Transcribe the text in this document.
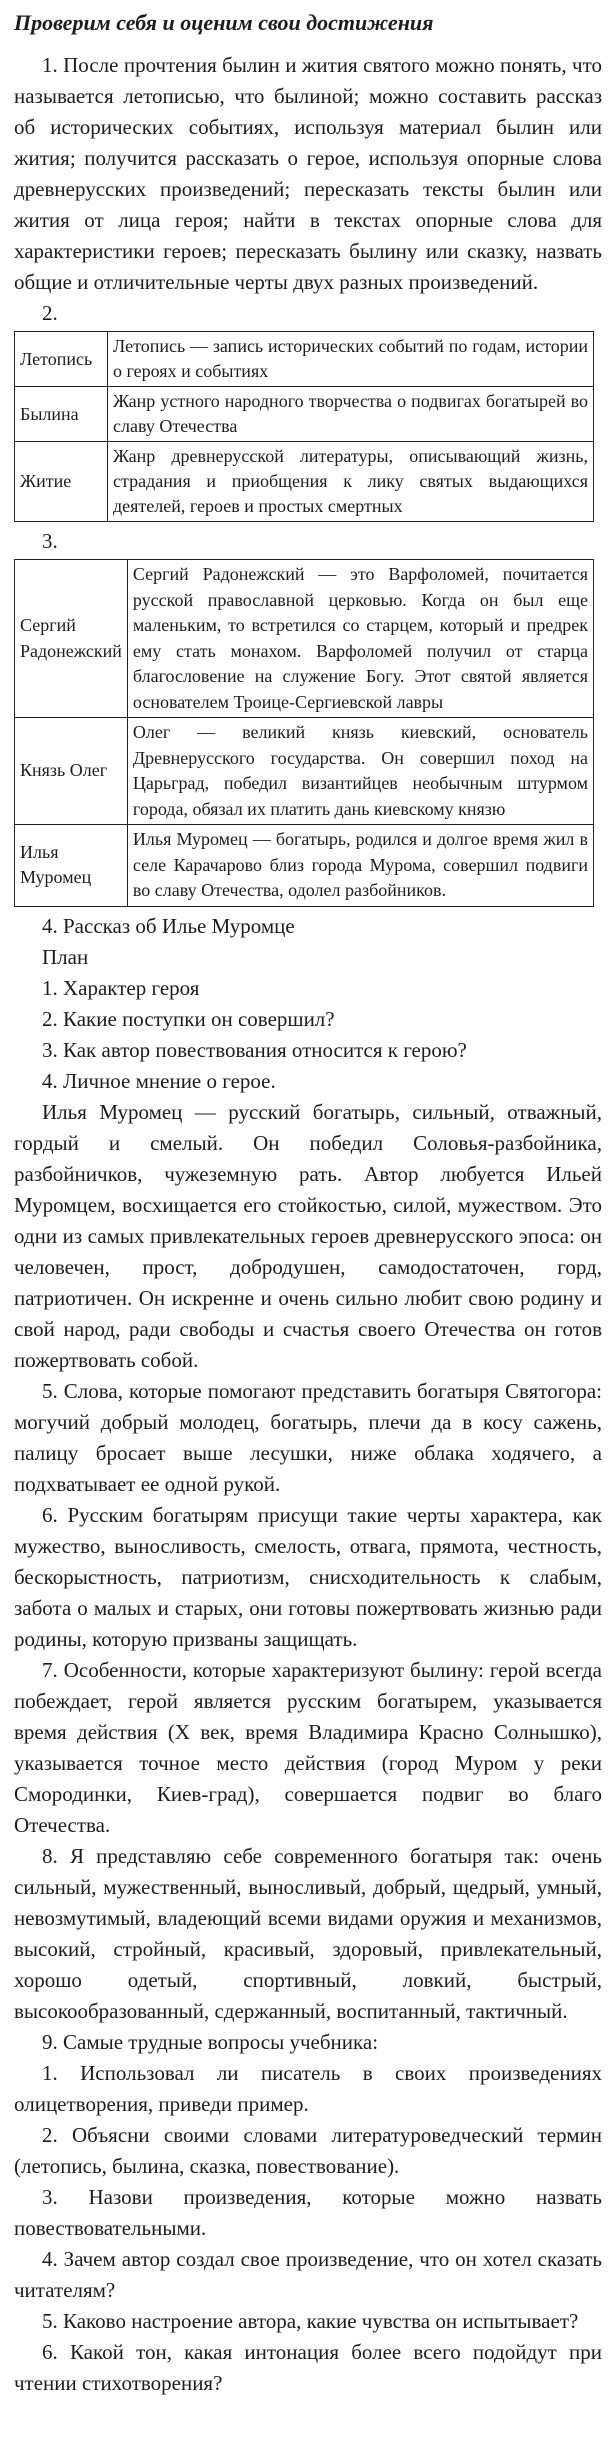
Проверим себя и оценим свои достижения

1. После прочтения былин и жития святого можно понять, что называется летописью, что былиной; можно составить рассказ об исторических событиях, используя материал былин или жития; получится рассказать о герое, используя опорные слова древнерусских произведений; пересказать тексты былин или жития от лица героя; найти в текстах опорные слова для характеристики героев; пересказать былину или сказку, назвать общие и отличительные черты двух разных произведений.

2.
Летопись	Летопись — запись исторических событий по годам, истории о героях и событиях
Былина	Жанр устного народного творчества о подвигах богатырей во славу Отечества
Житие	Жанр древнерусской литературы, описывающий жизнь, страдания и приобщения к лику святых выдающихся деятелей, героев и простых смертных
3.
Сергий Радонежский	Сергий Радонежский — это Варфоломей, почитается русской православной церковью. Когда он был еще маленьким, то встретился со старцем, который и предрек ему стать монахом. Варфоломей получил от старца благословение на служение Богу. Этот святой является основателем Троице-Сергиевской лавры
Князь Олег	Олег — великий князь киевский, основатель Древнерусского государства. Он совершил поход на Царьград, победил византийцев необычным штурмом города, обязал их платить дань киевскому князю
Илья Муромец	Илья Муромец — богатырь, родился и долгое время жил в селе Карачарово близ города Мурома, совершил подвиги во славу Отечества, одолел разбойников.
4. Рассказ об Илье Муромце
План
1. Характер героя
2. Какие поступки он совершил?
3. Как автор повествования относится к герою?
4. Личное мнение о герое.

Илья Муромец — русский богатырь, сильный, отважный, гордый и смелый. Он победил Соловья-разбойника, разбойничков, чужеземную рать. Автор любуется Ильей Муромцем, восхищается его стойкостью, силой, мужеством. Это одни из самых привлекательных героев древнерусского эпоса: он человечен, прост, добродушен, самодостаточен, горд, патриотичен. Он искренне и очень сильно любит свою родину и свой народ, ради свободы и счастья своего Отечества он готов пожертвовать собой.

5. Слова, которые помогают представить богатыря Святогора: могучий добрый молодец, богатырь, плечи да в косу сажень, палицу бросает выше лесушки, ниже облака ходячего, а подхватывает ее одной рукой.

6. Русским богатырям присущи такие черты характера, как мужество, выносливость, смелость, отвага, прямота, честность, бескорыстность, патриотизм, снисходительность к слабым, забота о малых и старых, они готовы пожертвовать жизнью ради родины, которую призваны защищать.

7. Особенности, которые характеризуют былину: герой всегда побеждает, герой является русским богатырем, указывается время действия (X век, время Владимира Красно Солнышко), указывается точное место действия (город Муром у реки Смородинки, Киев-град), совершается подвиг во благо Отечества.

8. Я представляю себе современного богатыря так: очень сильный, мужественный, выносливый, добрый, щедрый, умный, невозмутимый, владеющий всеми видами оружия и механизмов, высокий, стройный, красивый, здоровый, привлекательный, хорошо одетый, спортивный, ловкий, быстрый, высокообразованный, сдержанный, воспитанный, тактичный.

9. Самые трудные вопросы учебника:

1. Использовал ли писатель в своих произведениях олицетворения, приведи пример.

2. Объясни своими словами литературоведческий термин (летопись, былина, сказка, повествование).

3. Назови произведения, которые можно назвать повествовательными.

4. Зачем автор создал свое произведение, что он хотел сказать читателям?

5. Каково настроение автора, какие чувства он испытывает?

6. Какой тон, какая интонация более всего подойдут при чтении стихотворения?
